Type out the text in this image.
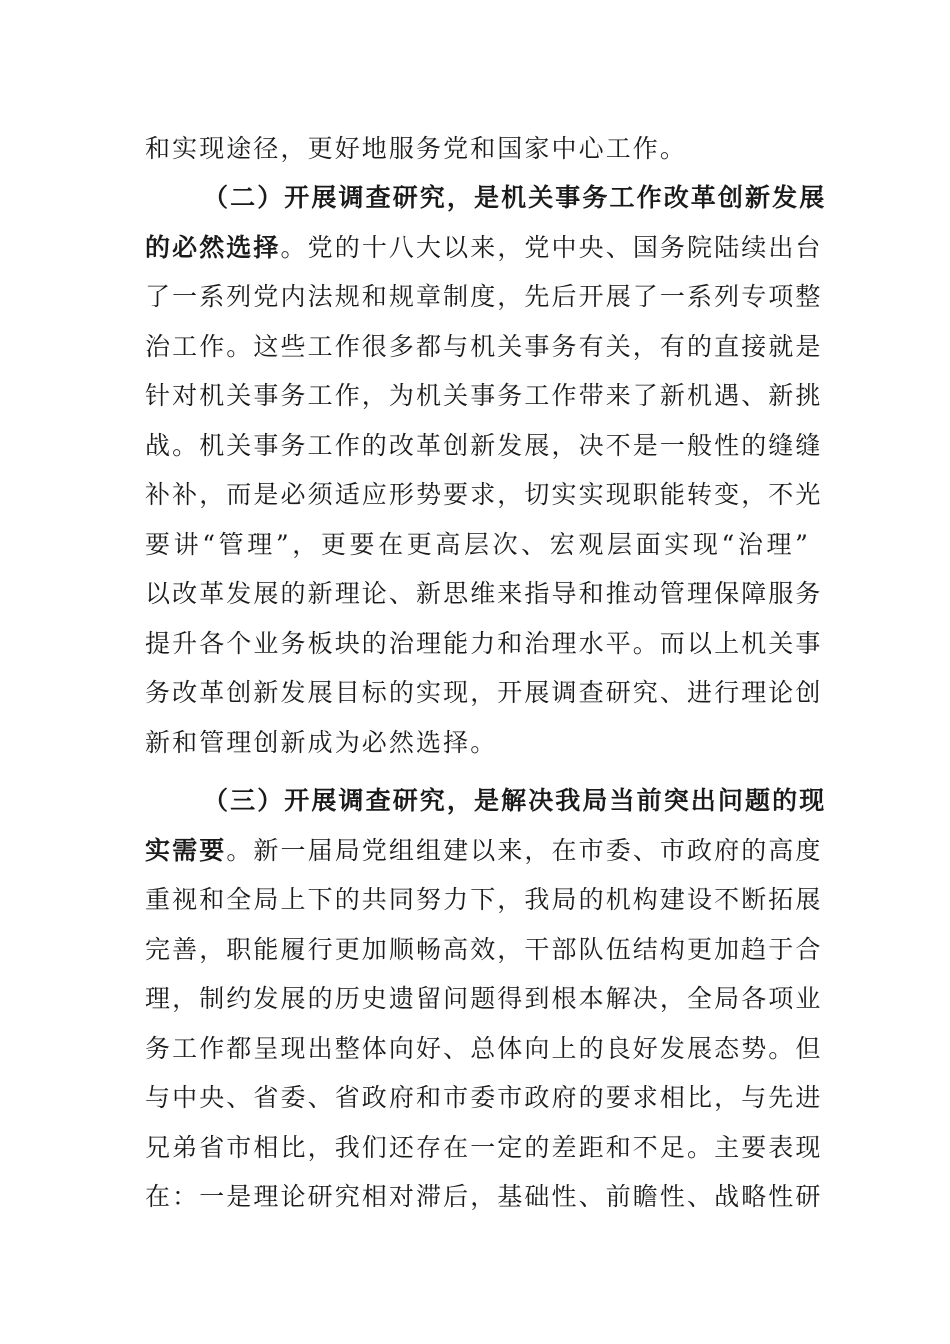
和实现途径，更好地服务党和国家中心工作。
（二）开展调查研究，是机关事务工作改革创新发展
的必然选择。党的十八大以来，党中央、国务院陆续出台
了一系列党内法规和规章制度，先后开展了一系列专项整
治工作。这些工作很多都与机关事务有关，有的直接就是
针对机关事务工作，为机关事务工作带来了新机遇、新挑
战。机关事务工作的改革创新发展，决不是一般性的缝缝
补补，而是必须适应形势要求，切实实现职能转变，不光
要讲“管理”，更要在更高层次、宏观层面实现“治理”
以改革发展的新理论、新思维来指导和推动管理保障服务
提升各个业务板块的治理能力和治理水平。而以上机关事
务改革创新发展目标的实现，开展调查研究、进行理论创
新和管理创新成为必然选择。
（三）开展调查研究，是解决我局当前突出问题的现
实需要。新一届局党组组建以来，在市委、市政府的高度
重视和全局上下的共同努力下，我局的机构建设不断拓展
完善，职能履行更加顺畅高效，干部队伍结构更加趋于合
理，制约发展的历史遗留问题得到根本解决，全局各项业
务工作都呈现出整体向好、总体向上的良好发展态势。但
与中央、省委、省政府和市委市政府的要求相比，与先进
兄弟省市相比，我们还存在一定的差距和不足。主要表现
在：一是理论研究相对滞后，基础性、前瞻性、战略性研
